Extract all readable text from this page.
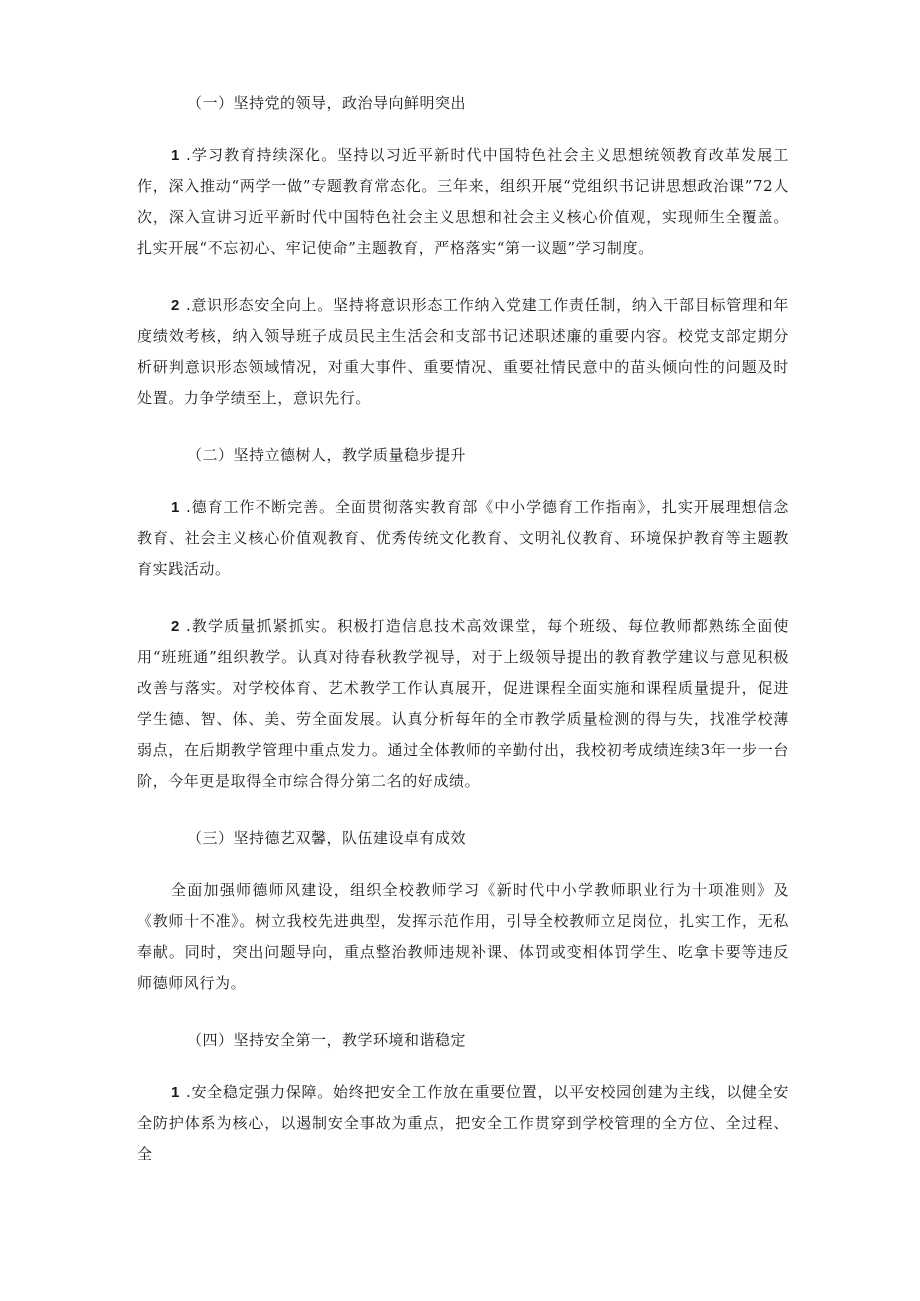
（一）坚持党的领导，政治导向鲜明突出

1 .学习教育持续深化。坚持以习近平新时代中国特色社会主义思想统领教育改革发展工作，深入推动“两学一做”专题教育常态化。三年来，组织开展“党组织书记讲思想政治课”72人次，深入宣讲习近平新时代中国特色社会主义思想和社会主义核心价值观，实现师生全覆盖。扎实开展“不忘初心、牢记使命”主题教育，严格落实“第一议题”学习制度。

2 .意识形态安全向上。坚持将意识形态工作纳入党建工作责任制，纳入干部目标管理和年度绩效考核，纳入领导班子成员民主生活会和支部书记述职述廉的重要内容。校党支部定期分析研判意识形态领域情况，对重大事件、重要情况、重要社情民意中的苗头倾向性的问题及时处置。力争学绩至上，意识先行。

（二）坚持立德树人，教学质量稳步提升

1 .德育工作不断完善。全面贯彻落实教育部《中小学德育工作指南》，扎实开展理想信念教育、社会主义核心价值观教育、优秀传统文化教育、文明礼仪教育、环境保护教育等主题教育实践活动。

2 .教学质量抓紧抓实。积极打造信息技术高效课堂，每个班级、每位教师都熟练全面使用“班班通”组织教学。认真对待春秋教学视导，对于上级领导提出的教育教学建议与意见积极改善与落实。对学校体育、艺术教学工作认真展开，促进课程全面实施和课程质量提升，促进学生德、智、体、美、劳全面发展。认真分析每年的全市教学质量检测的得与失，找准学校薄弱点，在后期教学管理中重点发力。通过全体教师的辛勤付出，我校初考成绩连续3年一步一台阶，今年更是取得全市综合得分第二名的好成绩。

（三）坚持德艺双馨，队伍建设卓有成效

全面加强师德师风建设，组织全校教师学习《新时代中小学教师职业行为十项准则》及《教师十不准》。树立我校先进典型，发挥示范作用，引导全校教师立足岗位，扎实工作，无私奉献。同时，突出问题导向，重点整治教师违规补课、体罚或变相体罚学生、吃拿卡要等违反师德师风行为。

（四）坚持安全第一，教学环境和谐稳定

1 .安全稳定强力保障。始终把安全工作放在重要位置，以平安校园创建为主线，以健全安全防护体系为核心，以遏制安全事故为重点，把安全工作贯穿到学校管理的全方位、全过程、全
